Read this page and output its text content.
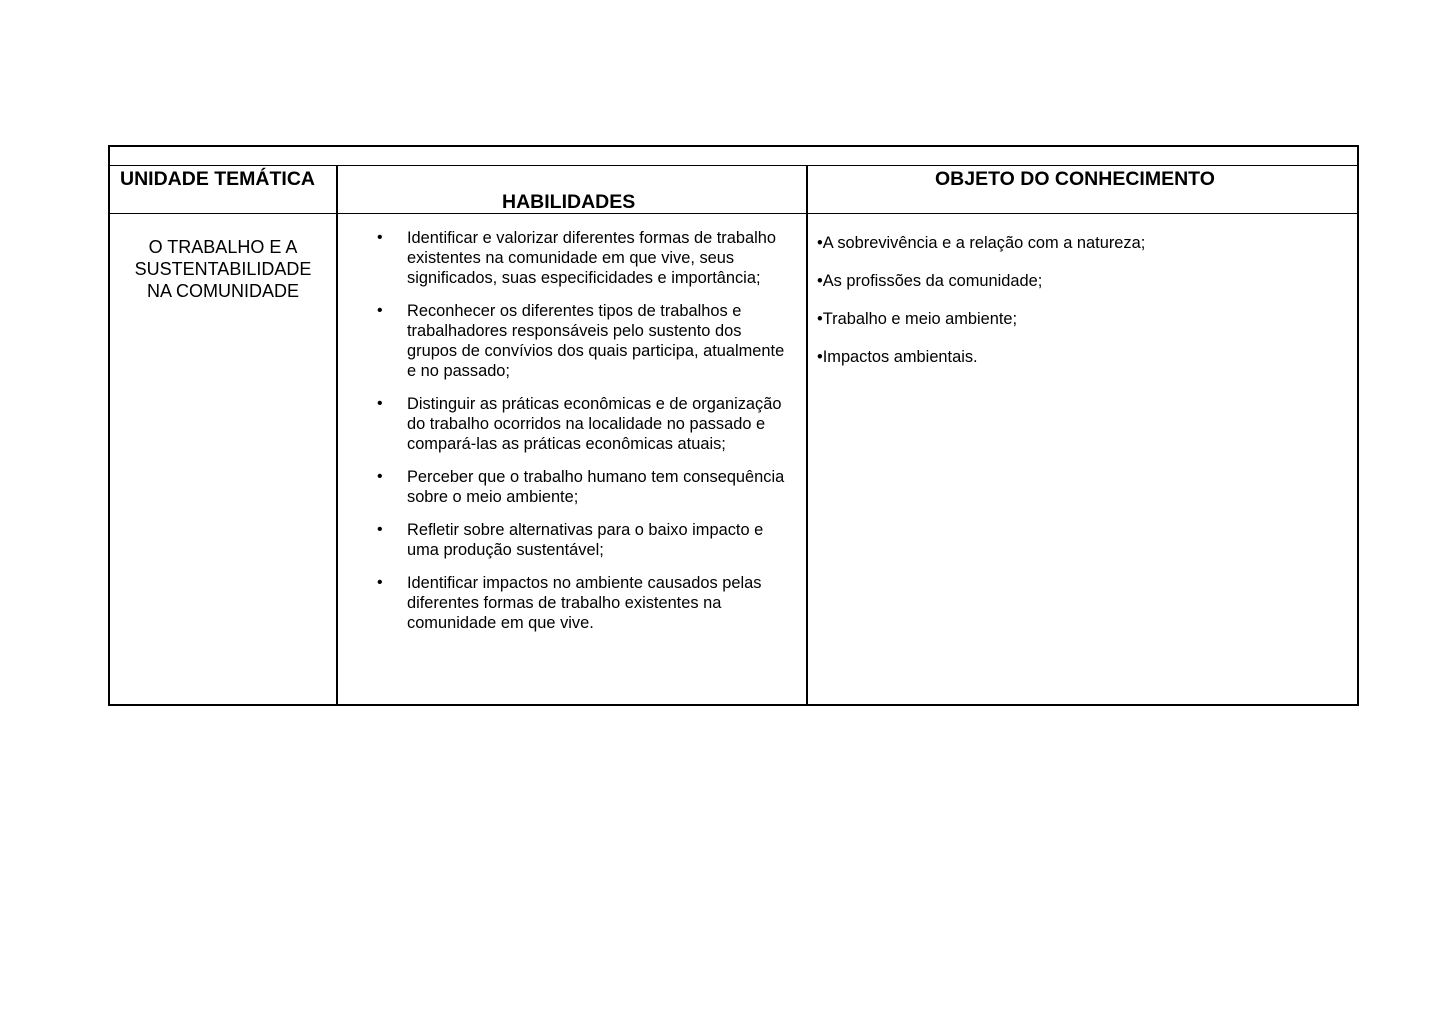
UNIDADE TEMÁTICA
HABILIDADES
OBJETO DO CONHECIMENTO
O TRABALHO E A
SUSTENTABILIDADE
NA COMUNIDADE
• Identificar e valorizar diferentes formas de trabalho existentes na comunidade em que vive, seus significados, suas especificidades e importância;
• Reconhecer os diferentes tipos de trabalhos e trabalhadores responsáveis pelo sustento dos grupos de convívios dos quais participa, atualmente e no passado;
• Distinguir as práticas econômicas e de organização do trabalho ocorridos na localidade no passado e compará-las as práticas econômicas atuais;
• Perceber que o trabalho humano tem consequência sobre o meio ambiente;
• Refletir sobre alternativas para o baixo impacto e uma produção sustentável;
• Identificar impactos no ambiente causados pelas diferentes formas de trabalho existentes na comunidade em que vive.
•A sobrevivência e a relação com a natureza;
•As profissões da comunidade;
•Trabalho e meio ambiente;
•Impactos ambientais.
